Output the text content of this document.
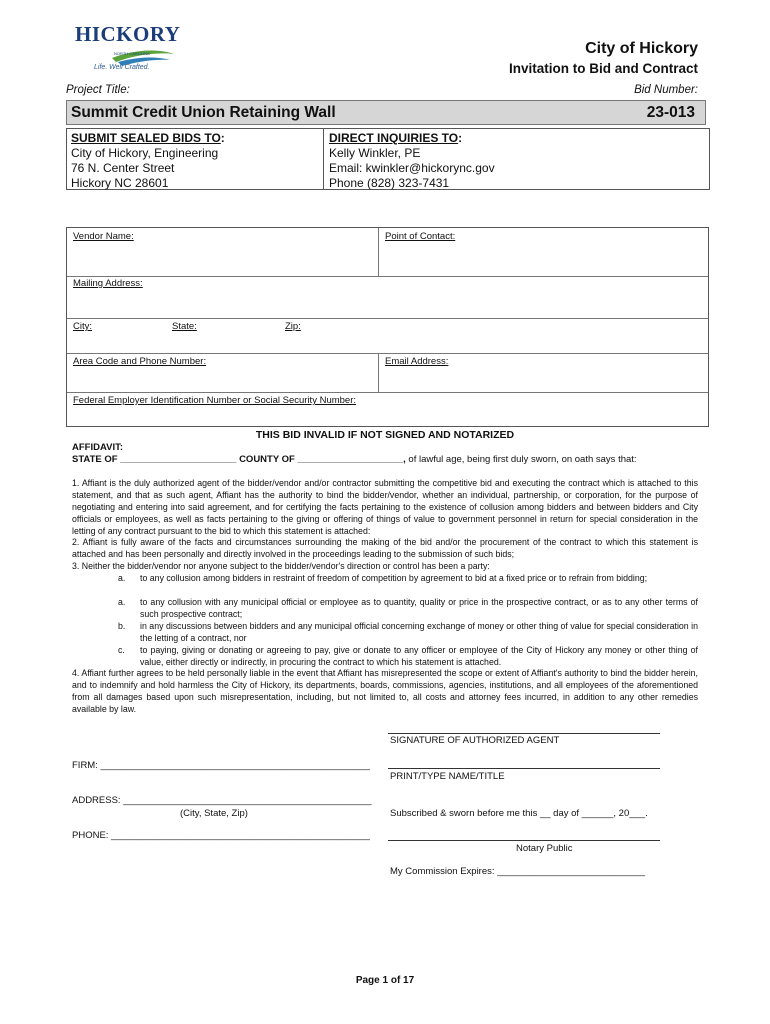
HICKORY
NORTH CAROLINA
Life. Well Crafted.
City of Hickory
Invitation to Bid and Contract
Project Title:	Bid Number:
Summit Credit Union Retaining Wall	23-013
SUBMIT SEALED BIDS TO:
City of Hickory, Engineering
76 N. Center Street
Hickory NC 28601
DIRECT INQUIRIES TO:
Kelly Winkler, PE
Email: kwinkler@hickorync.gov
Phone (828) 323-7431
Vendor Name:	Point of Contact:
Mailing Address:
City:	State:	Zip:
Area Code and Phone Number:	Email Address:
Federal Employer Identification Number or Social Security Number:
THIS BID INVALID IF NOT SIGNED AND NOTARIZED
AFFIDAVIT:
STATE OF ______________________ COUNTY OF ____________________, of lawful age, being first duly sworn, on oath says that:
1. Affiant is the duly authorized agent of the bidder/vendor and/or contractor submitting the competitive bid and executing the contract which is attached to this statement, and that as such agent, Affiant has the authority to bind the bidder/vendor, whether an individual, partnership, or corporation, for the purpose of negotiating and entering into said agreement, and for certifying the facts pertaining to the existence of collusion among bidders and between bidders and City officials or employees, as well as facts pertaining to the giving or offering of things of value to government personnel in return for special consideration in the letting of any contract pursuant to the bid to which this statement is attached:
2. Affiant is fully aware of the facts and circumstances surrounding the making of the bid and/or the procurement of the contract to which this statement is attached and has been personally and directly involved in the proceedings leading to the submission of such bids;
3. Neither the bidder/vendor nor anyone subject to the bidder/vendor's direction or control has been a party:
a. to any collusion among bidders in restraint of freedom of competition by agreement to bid at a fixed price or to refrain from bidding;
a. to any collusion with any municipal official or employee as to quantity, quality or price in the prospective contract, or as to any other terms of such prospective contract;
b. in any discussions between bidders and any municipal official concerning exchange of money or other thing of value for special consideration in the letting of a contract, nor
c. to paying, giving or donating or agreeing to pay, give or donate to any officer or employee of the City of Hickory any money or other thing of value, either directly or indirectly, in procuring the contract to which his statement is attached.
4. Affiant further agrees to be held personally liable in the event that Affiant has misrepresented the scope or extent of Affiant's authority to bind the bidder herein, and to indemnify and hold harmless the City of Hickory, its departments, boards, commissions, agencies, institutions, and all employees of the aforementioned from all damages based upon such misrepresentation, including, but not limited to, all costs and attorney fees incurred, in addition to any other remedies available by law.
SIGNATURE OF AUTHORIZED AGENT
FIRM: ___________________________________________________
PRINT/TYPE NAME/TITLE
ADDRESS: _______________________________________________
(City, State, Zip)	Subscribed & sworn before me this __ day of ______, 20___.
PHONE: _________________________________________________
Notary Public
My Commission Expires: ____________________________
Page 1 of 17
